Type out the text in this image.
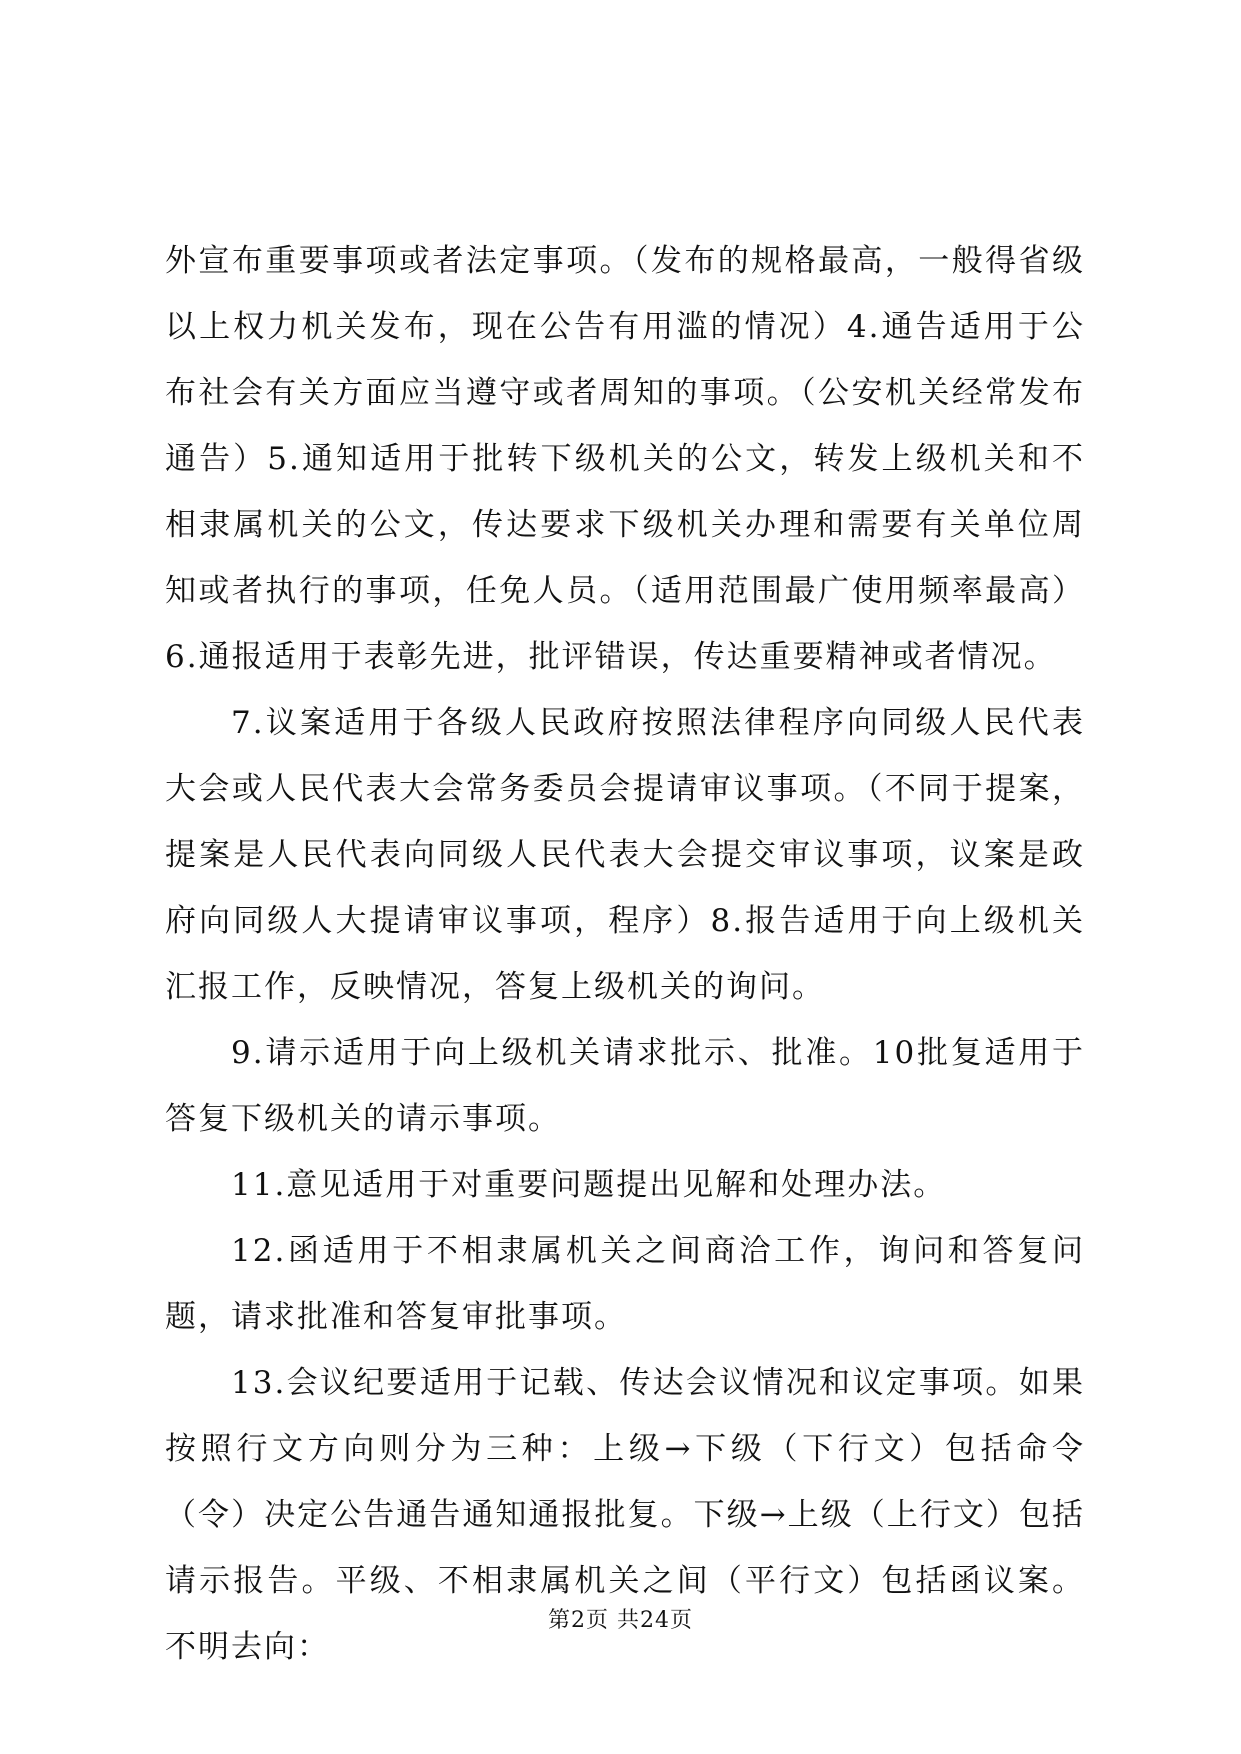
外宣布重要事项或者法定事项。（发布的规格最高，一般得省级以上权力机关发布，现在公告有用滥的情况）4.通告适用于公布社会有关方面应当遵守或者周知的事项。（公安机关经常发布通告）5.通知适用于批转下级机关的公文，转发上级机关和不相隶属机关的公文，传达要求下级机关办理和需要有关单位周知或者执行的事项，任免人员。（适用范围最广使用频率最高）6.通报适用于表彰先进，批评错误，传达重要精神或者情况。

7.议案适用于各级人民政府按照法律程序向同级人民代表大会或人民代表大会常务委员会提请审议事项。（不同于提案，提案是人民代表向同级人民代表大会提交审议事项，议案是政府向同级人大提请审议事项，程序）8.报告适用于向上级机关汇报工作，反映情况，答复上级机关的询问。

9.请示适用于向上级机关请求批示、批准。10批复适用于答复下级机关的请示事项。

11.意见适用于对重要问题提出见解和处理办法。

12.函适用于不相隶属机关之间商洽工作，询问和答复问题，请求批准和答复审批事项。

13.会议纪要适用于记载、传达会议情况和议定事项。如果按照行文方向则分为三种：上级→下级（下行文）包括命令（令）决定公告通告通知通报批复。下级→上级（上行文）包括请示报告。平级、不相隶属机关之间（平行文）包括函议案。不明去向：

第2页 共24页
